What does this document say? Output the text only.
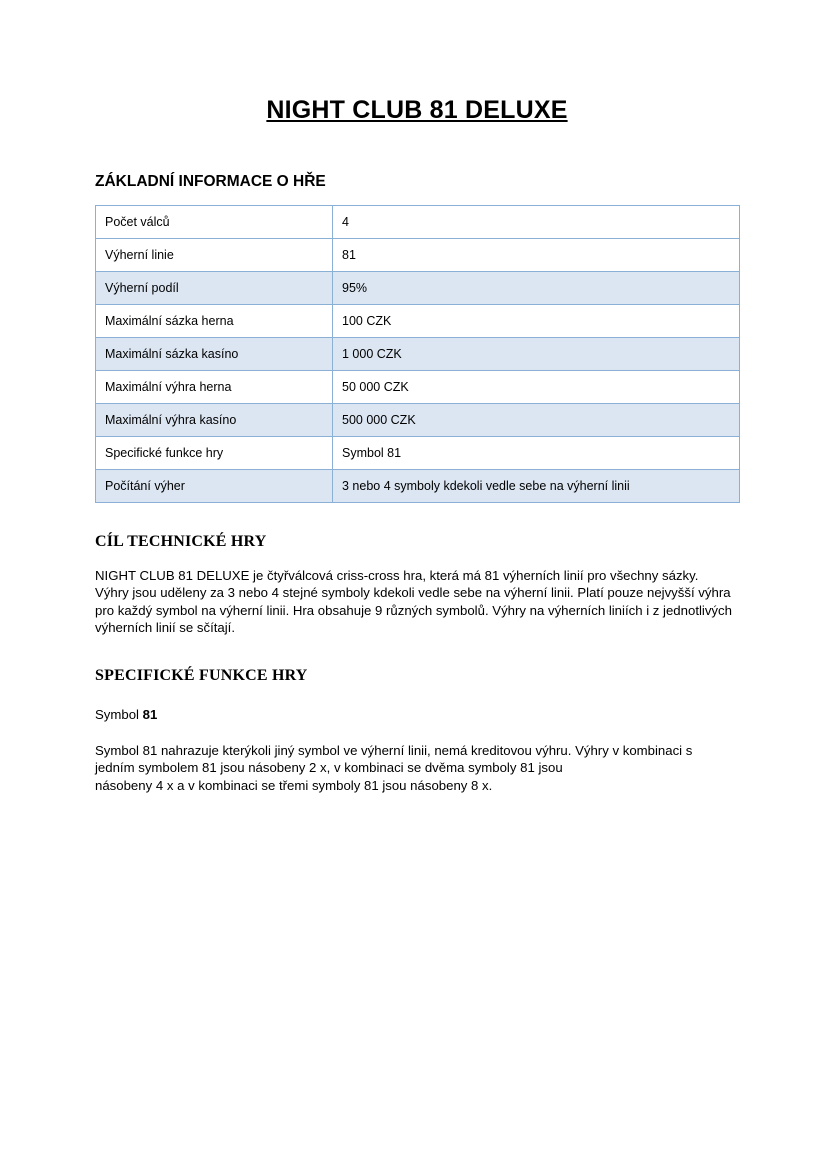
NIGHT CLUB 81 DELUXE
ZÁKLADNÍ INFORMACE O HŘE
Počet válců	4
Výherní linie	81
Výherní podíl	95%
Maximální sázka herna	100 CZK
Maximální sázka kasíno	1 000 CZK
Maximální výhra herna	50 000 CZK
Maximální výhra kasíno	500 000 CZK
Specifické funkce hry	Symbol 81
Počítání výher	3 nebo 4 symboly kdekoli vedle sebe na výherní linii
CÍL TECHNICKÉ HRY

NIGHT CLUB 81 DELUXE je čtyřválcová criss-cross hra, která má 81 výherních linií pro všechny sázky. Výhry jsou uděleny za 3 nebo 4 stejné symboly kdekoli vedle sebe na výherní linii. Platí pouze nejvyšší výhra pro každý symbol na výherní linii. Hra obsahuje 9 různých symbolů. Výhry na výherních liniích i z jednotlivých výherních linií se sčítají.

SPECIFICKÉ FUNKCE HRY

Symbol 81

Symbol 81 nahrazuje kterýkoli jiný symbol ve výherní linii, nemá kreditovou výhru. Výhry v kombinaci s jedním symbolem 81 jsou násobeny 2 x, v kombinaci se dvěma symboly 81 jsou

násobeny 4 x a v kombinaci se třemi symboly 81 jsou násobeny 8 x.
